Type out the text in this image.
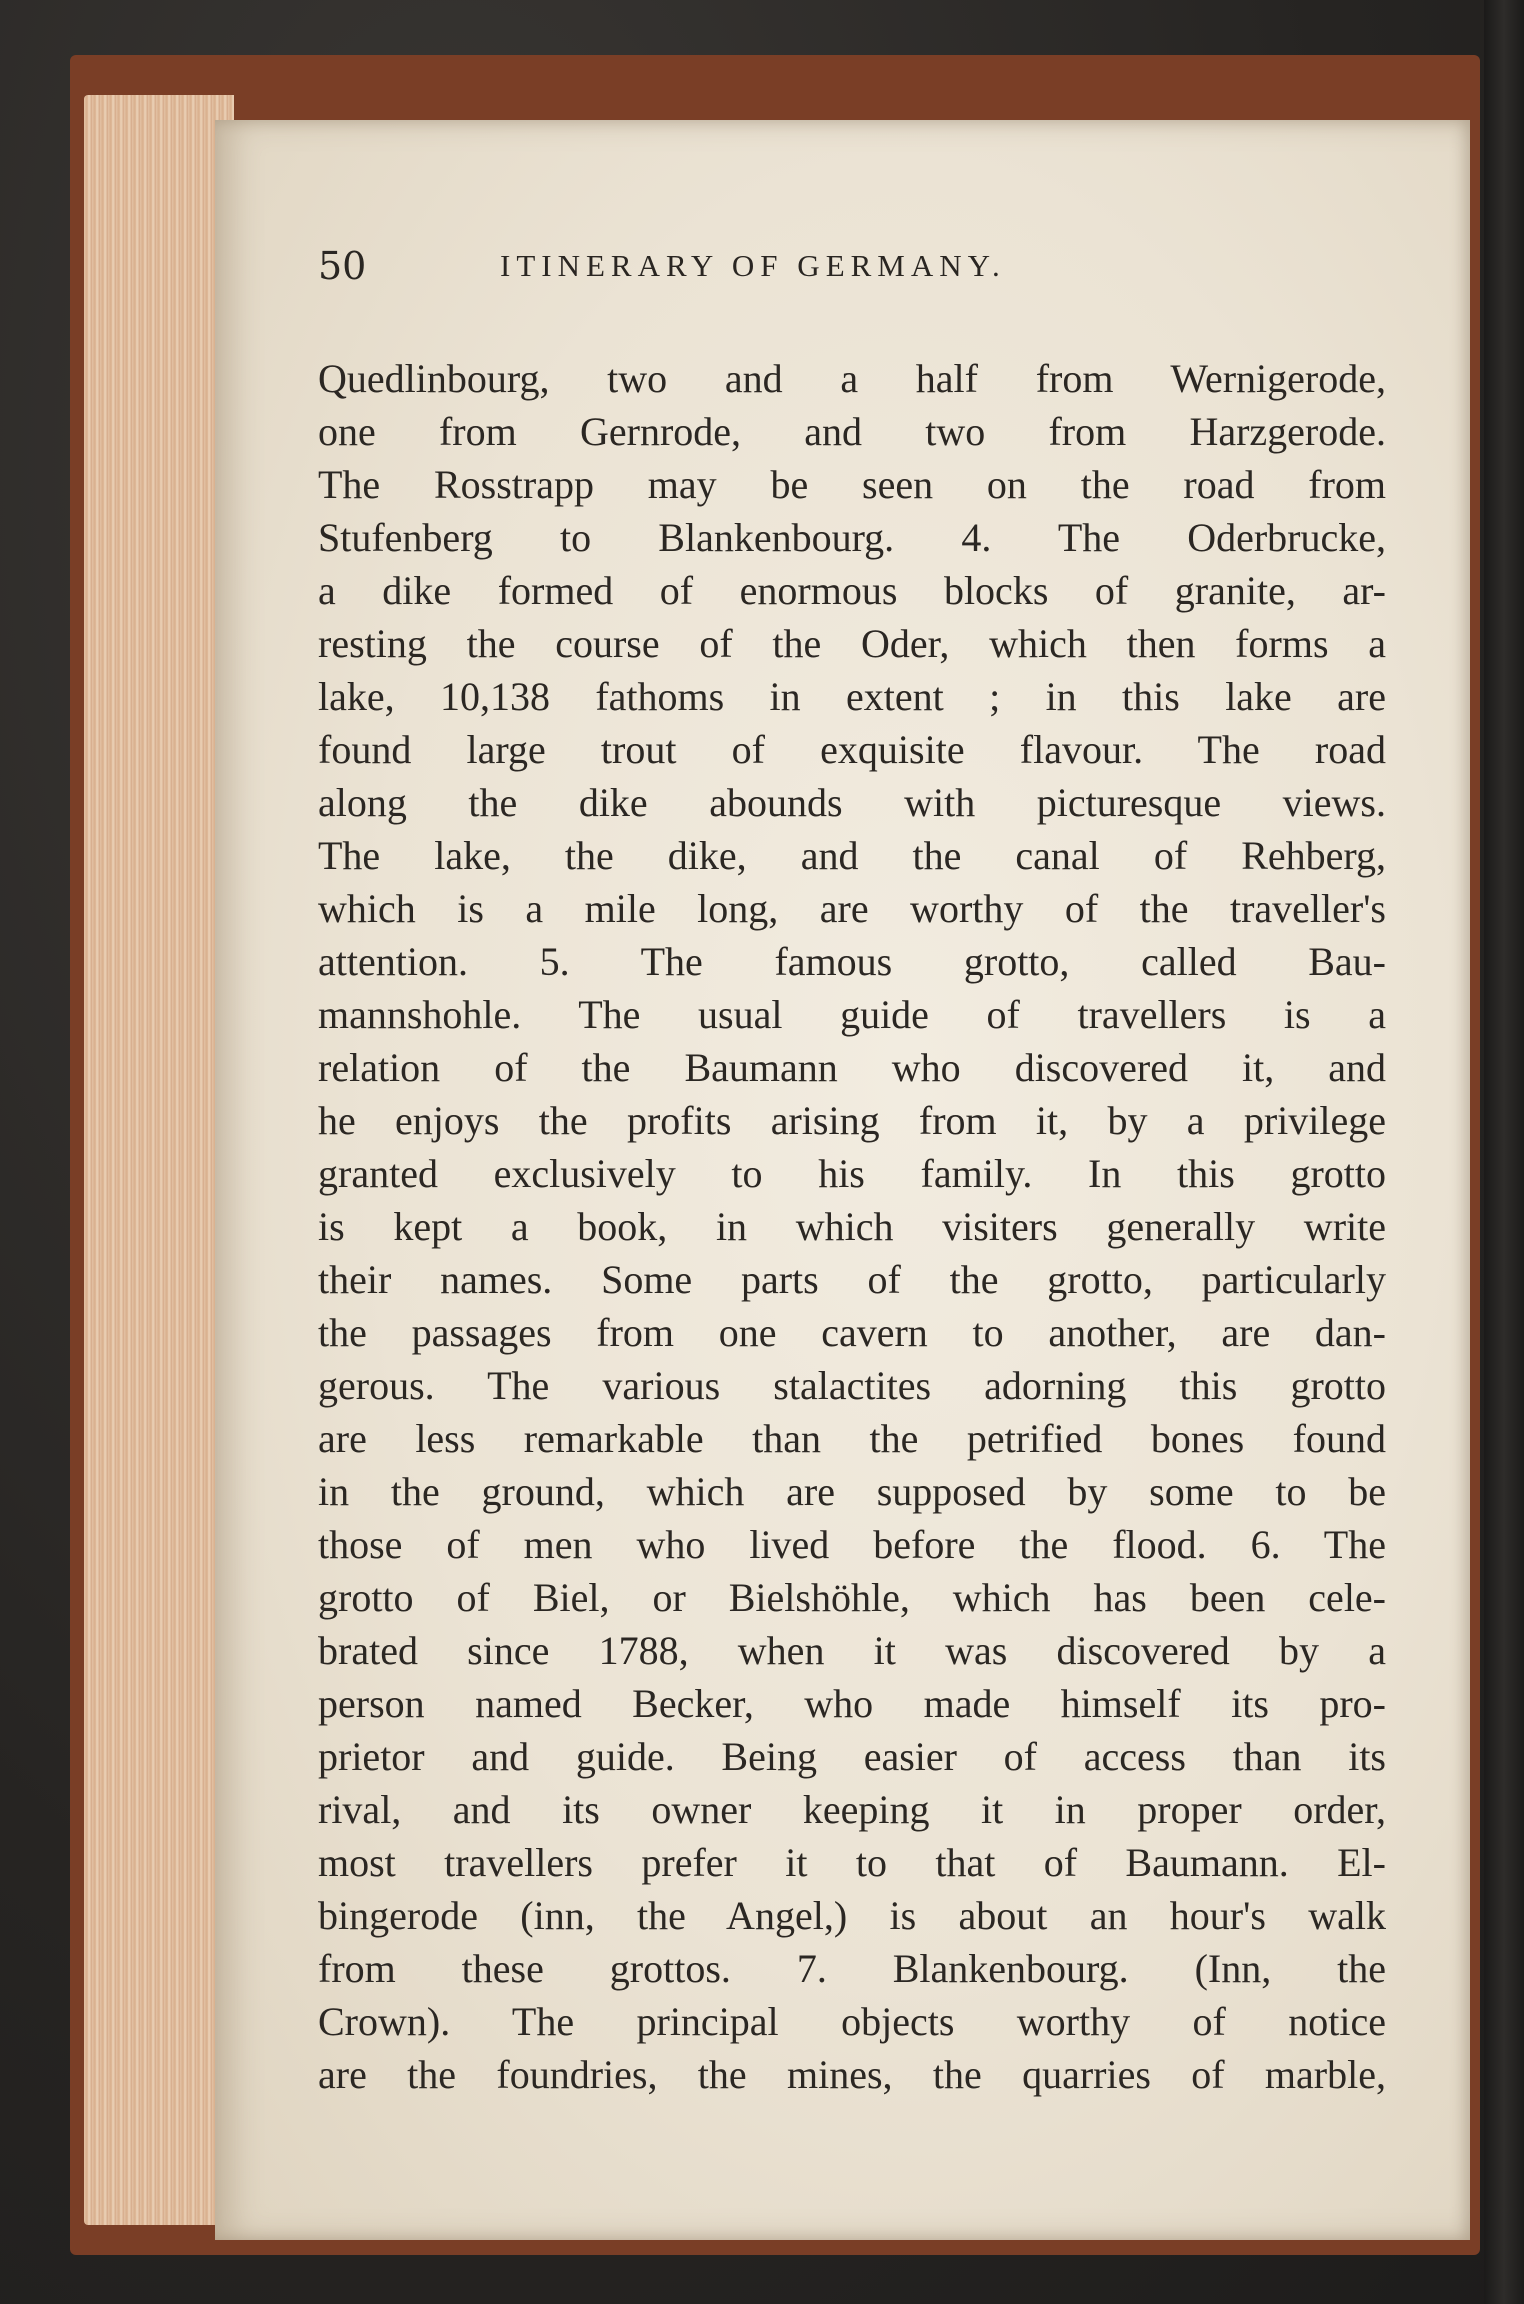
50	ITINERARY OF GERMANY.
Quedlinbourg, two and a half from Wernigerode,
one from Gernrode, and two from Harzgerode.
The Rosstrapp may be seen on the road from
Stufenberg to Blankenbourg. 4. The Oderbrucke,
a dike formed of enormous blocks of granite, ar-
resting the course of the Oder, which then forms a
lake, 10,138 fathoms in extent ; in this lake are
found large trout of exquisite flavour. The road
along the dike abounds with picturesque views.
The lake, the dike, and the canal of Rehberg,
which is a mile long, are worthy of the traveller's
attention. 5. The famous grotto, called Bau-
mannshohle. The usual guide of travellers is a
relation of the Baumann who discovered it, and
he enjoys the profits arising from it, by a privilege
granted exclusively to his family. In this grotto
is kept a book, in which visiters generally write
their names. Some parts of the grotto, particularly
the passages from one cavern to another, are dan-
gerous. The various stalactites adorning this grotto
are less remarkable than the petrified bones found
in the ground, which are supposed by some to be
those of men who lived before the flood. 6. The
grotto of Biel, or Bielshöhle, which has been cele-
brated since 1788, when it was discovered by a
person named Becker, who made himself its pro-
prietor and guide. Being easier of access than its
rival, and its owner keeping it in proper order,
most travellers prefer it to that of Baumann. El-
bingerode (inn, the Angel,) is about an hour's walk
from these grottos. 7. Blankenbourg. (Inn, the
Crown). The principal objects worthy of notice
are the foundries, the mines, the quarries of marble,
